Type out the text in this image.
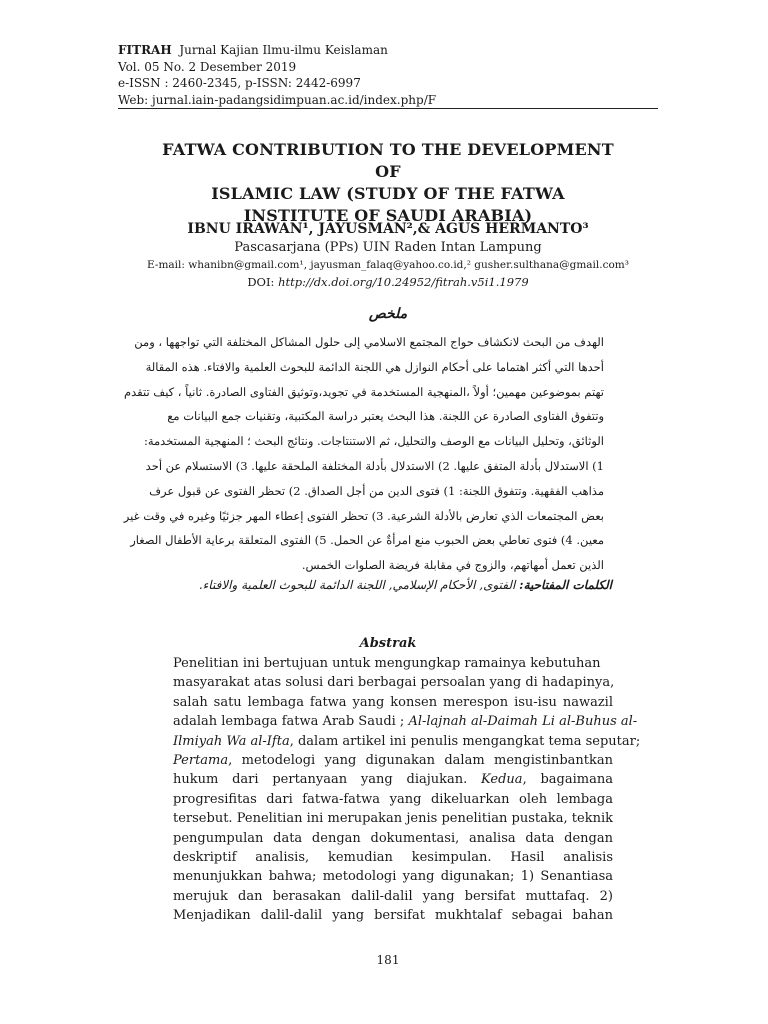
FITRAH Jurnal Kajian Ilmu-ilmu Keislaman
Vol. 05 No. 2 Desember 2019
e-ISSN : 2460-2345, p-ISSN: 2442-6997
Web: jurnal.iain-padangsidimpuan.ac.id/index.php/F
FATWA CONTRIBUTION TO THE DEVELOPMENT OF
ISLAMIC LAW (STUDY OF THE FATWA
INSTITUTE OF SAUDI ARABIA)
IBNU IRAWAN¹, JAYUSMAN²,& AGUS HERMANTO³
Pascasarjana (PPs) UIN Raden Intan Lampung
E-mail: whanibn@gmail.com¹, jayusman_falaq@yahoo.co.id,² gusher.sulthana@gmail.com³
DOI: http://dx.doi.org/10.24952/fitrah.v5i1.1979
ملخص
الهدف من البحث لانكشاف حواج المجتمع الاسلامي إلى حلول المشاكل المختلفة التي تواجهها ، ومن
أحدها التي أكثر اهتماما على أحكام النوازل هي اللجنة الدائمة للبحوث العلمية والافتاء. هذه المقالة
تهتم بموضوعين مهمين؛ أولاً ،المنهجية المستخدمة في تجويد،وتوثيق الفتاوى الصادرة. ثانياً ، كيف تتقدم
وتتفوق الفتاوى الصادرة عن اللجنة. هذا البحث يعتبر دراسة المكتبية، وتقنيات جمع البيانات مع
الوثائق، وتحليل البيانات مع الوصف والتحليل، ثم الاستنتاجات. ونتائج البحث ؛ المنهجية المستخدمة:
1) الاستدلال بأدلة المتفق عليها. 2) الاستدلال بأدلة المختلفة الملحقة عليها. 3) الاستسلام عن أحد
مذاهب الفقهية. وتتفوق اللجنة: 1) فتوى الدين من أجل الصداق. 2) تحظر الفتوى عن قبول عرف
بعض المجتمعات الذي تعارض بالأدلة الشرعية. 3) تحظر الفتوى إعطاء المهر جزئيًا وغيره في وقت غير
معين. 4) فتوى تعاطي بعض الحبوب منع امرأةٌ عن الحمل. 5) الفتوى المتعلقة برعاية الأطفال الصغار
الذين تعمل أمهاتهم، والزوج في مقابلة فريضة الصلوات الخمس.
الكلمات المفتاحية: الفتوى, الأحكام الإسلامي, اللجنة الدائمة للبحوث العلمية والافتاء.
Abstrak
Penelitian ini bertujuan untuk mengungkap ramainya kebutuhan
masyarakat atas solusi dari berbagai persoalan yang di hadapinya,
salah satu lembaga fatwa yang konsen merespon isu-isu nawazil
adalah lembaga fatwa Arab Saudi ; Al-lajnah al-Daimah Li al-Buhus al-
Ilmiyah Wa al-Ifta, dalam artikel ini penulis mengangkat tema seputar;
Pertama, metodelogi yang digunakan dalam mengistinbantkan
hukum dari pertanyaan yang diajukan. Kedua, bagaimana
progresifitas dari fatwa-fatwa yang dikeluarkan oleh lembaga
tersebut. Penelitian ini merupakan jenis penelitian pustaka, teknik
pengumpulan data dengan dokumentasi, analisa data dengan
deskriptif analisis, kemudian kesimpulan. Hasil analisis
menunjukkan bahwa; metodologi yang digunakan; 1) Senantiasa
merujuk dan berasakan dalil-dalil yang bersifat muttafaq. 2)
Menjadikan dalil-dalil yang bersifat mukhtalaf sebagai bahan
181
